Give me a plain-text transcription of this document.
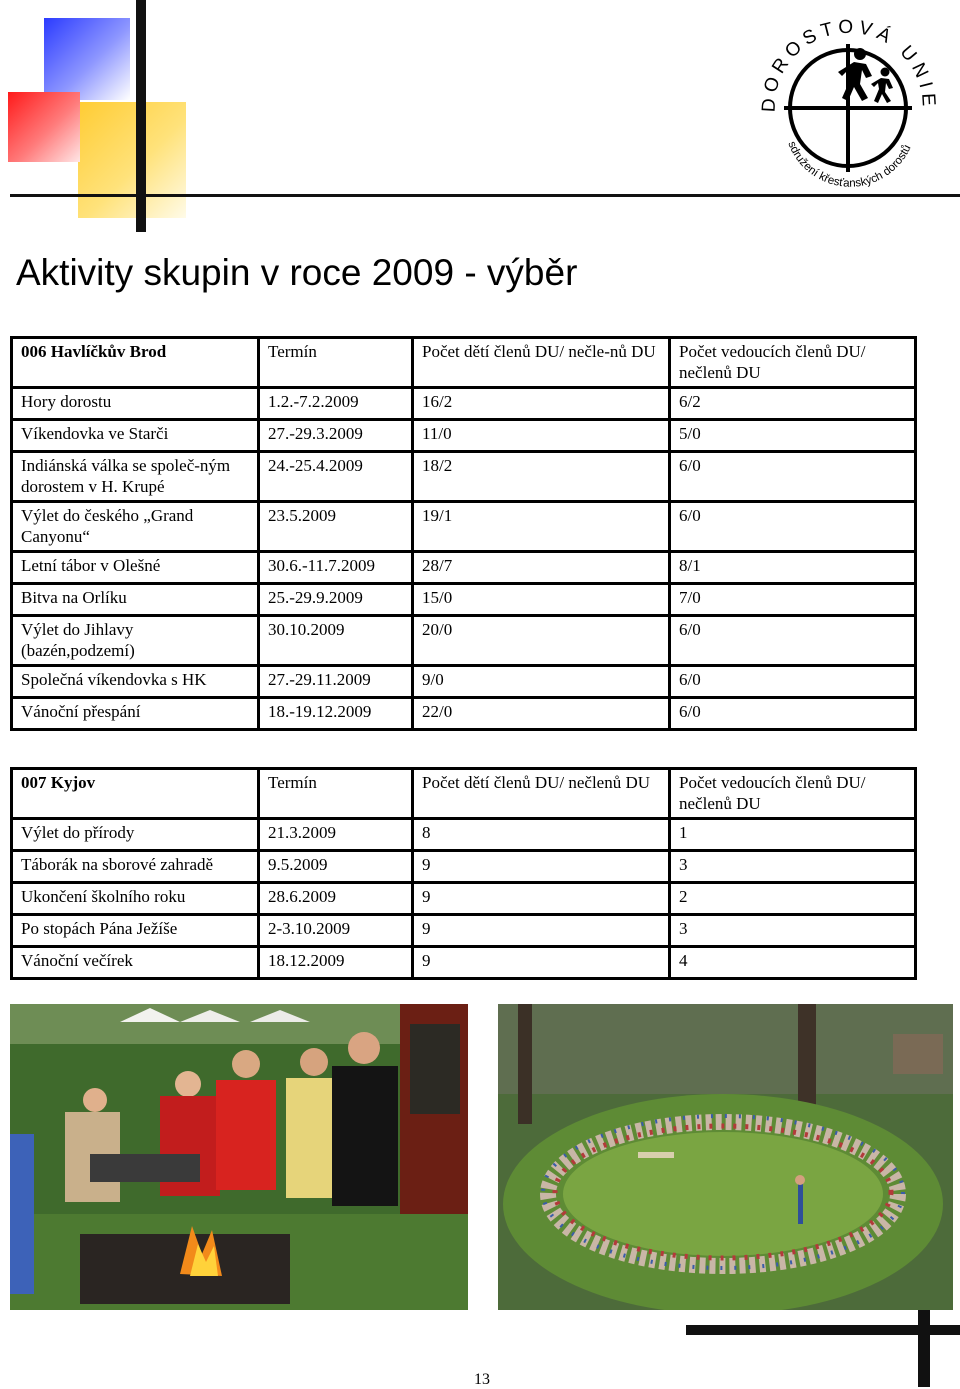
DOROSTOVÁ UNIE
sdružení křesťanských dorostů
Aktivity skupin v roce 2009 - výběr
006 Havlíčkův Brod	Termín	Počet dětí členů DU/ nečle-nů DU	Počet vedoucích členů DU/ nečlenů DU
Hory dorostu	1.2.-7.2.2009	16/2	6/2
Víkendovka ve Starči	27.-29.3.2009	11/0	5/0
Indiánská válka se společ-ným dorostem v H. Krupé	24.-25.4.2009	18/2	6/0
Výlet do českého „Grand Canyonu“	23.5.2009	19/1	6/0
Letní tábor v Olešné	30.6.-11.7.2009	28/7	8/1
Bitva na Orlíku	25.-29.9.2009	15/0	7/0
Výlet do Jihlavy (bazén,podzemí)	30.10.2009	20/0	6/0
Společná víkendovka s HK	27.-29.11.2009	9/0	6/0
Vánoční přespání	18.-19.12.2009	22/0	6/0
007 Kyjov	Termín	Počet dětí členů DU/ nečlenů DU	Počet vedoucích členů DU/ nečlenů DU
Výlet do přírody	21.3.2009	8	1
Táborák na sborové zahradě	9.5.2009	9	3
Ukončení školního roku	28.6.2009	9	2
Po stopách Pána Ježíše	2-3.10.2009	9	3
Vánoční večírek	18.12.2009	9	4
13
